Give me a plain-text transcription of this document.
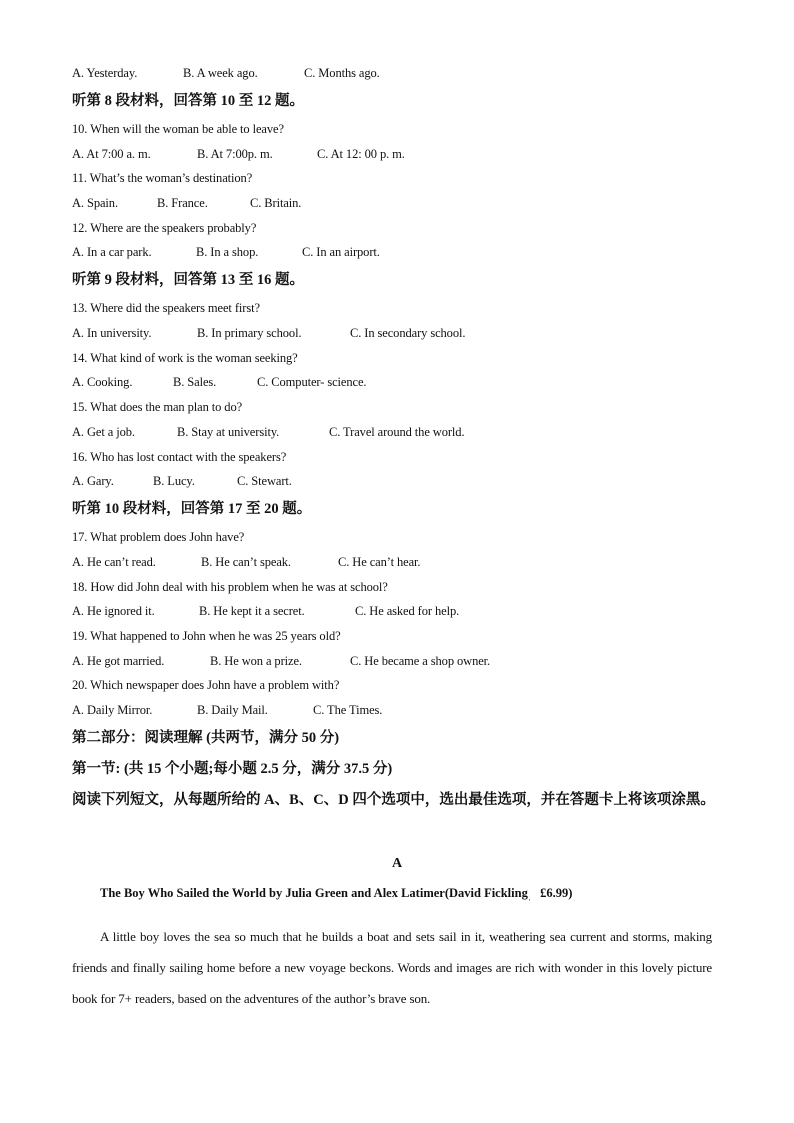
A. Yesterday.	B. A week ago.	C. Months ago.
听第 8 段材料，回答第 10 至 12 题。
10. When will the woman be able to leave?
A. At 7:00 a. m.	B. At 7:00p. m.	C. At 12: 00 p. m.
11. What’s the woman’s destination?
A. Spain.	B. France.	C. Britain.
12. Where are the speakers probably?
A. In a car park.	B. In a shop.	C. In an airport.
听第 9 段材料，回答第 13 至 16 题。
13. Where did the speakers meet first?
A. In university.	B. In primary school.	C. In secondary school.
14. What kind of work is the woman seeking?
A. Cooking.	B. Sales.	C. Computer- science.
15. What does the man plan to do?
A. Get a job.	B. Stay at university.	C. Travel around the world.
16. Who has lost contact with the speakers?
A. Gary.	B. Lucy.	C. Stewart.
听第 10 段材料，回答第 17 至 20 题。
17. What problem does John have?
A. He can’t read.	B. He can’t speak.	C. He can’t hear.
18. How did John deal with his problem when he was at school?
A. He ignored it.	B. He kept it a secret.	C. He asked for help.
19. What happened to John when he was 25 years old?
A. He got married.	B. He won a prize.	C. He became a shop owner.
20. Which newspaper does John have a problem with?
A. Daily Mirror.	B. Daily Mail.	C. The Times.
第二部分：阅读理解 (共两节，满分 50 分)
第一节: (共 15 个小题;每小题 2.5 分，满分 37.5 分)
阅读下列短文，从每题所给的 A、B、C、D 四个选项中，选出最佳选项，并在答题卡上将该项涂黑。
A
The Boy Who Sailed the World by Julia Green and Alex Latimer(David Fickling$'$£6.99)
A little boy loves the sea so much that he builds a boat and sets sail in it, weathering sea current and storms, making friends and finally sailing home before a new voyage beckons. Words and images are rich with wonder in this lovely picture book for 7+ readers, based on the adventures of the author’s brave son.
